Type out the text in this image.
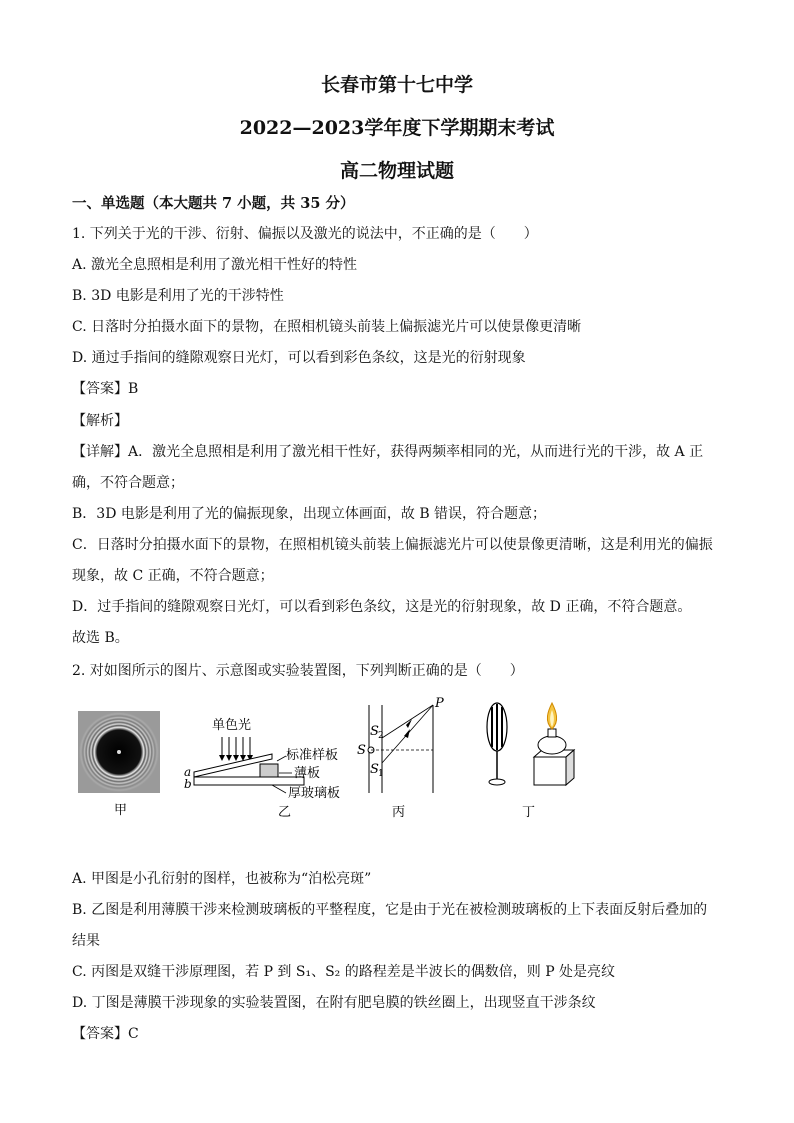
长春市第十七中学
2022—2023学年度下学期期末考试
高二物理试题
一、单选题（本大题共 7 小题，共 35 分）
1. 下列关于光的干涉、衍射、偏振以及激光的说法中，不正确的是（　　）
A. 激光全息照相是利用了激光相干性好的特性
B. 3D 电影是利用了光的干涉特性
C. 日落时分拍摄水面下的景物，在照相机镜头前装上偏振滤光片可以使景像更清晰
D. 通过手指间的缝隙观察日光灯，可以看到彩色条纹，这是光的衍射现象
【答案】B
【解析】
【详解】A．激光全息照相是利用了激光相干性好，获得两频率相同的光，从而进行光的干涉，故 A 正
确，不符合题意；
B．3D 电影是利用了光的偏振现象，出现立体画面，故 B 错误，符合题意；
C．日落时分拍摄水面下的景物，在照相机镜头前装上偏振滤光片可以使景像更清晰，这是利用光的偏振
现象，故 C 正确，不符合题意；
D．过手指间的缝隙观察日光灯，可以看到彩色条纹，这是光的衍射现象，故 D 正确，不符合题意。
故选 B。
2. 对如图所示的图片、示意图或实验装置图，下列判断正确的是（　　）
甲
单色光
标准样板
薄板
厚玻璃板
a
b
乙
P
S
S 2
S 1
丙	丁
A. 甲图是小孔衍射的图样，也被称为“泊松亮斑”
B. 乙图是利用薄膜干涉来检测玻璃板的平整程度，它是由于光在被检测玻璃板的上下表面反射后叠加的
结果
C. 丙图是双缝干涉原理图，若 P 到 S₁、S₂ 的路程差是半波长的偶数倍，则 P 处是亮纹
D. 丁图是薄膜干涉现象的实验装置图，在附有肥皂膜的铁丝圈上，出现竖直干涉条纹
【答案】C
